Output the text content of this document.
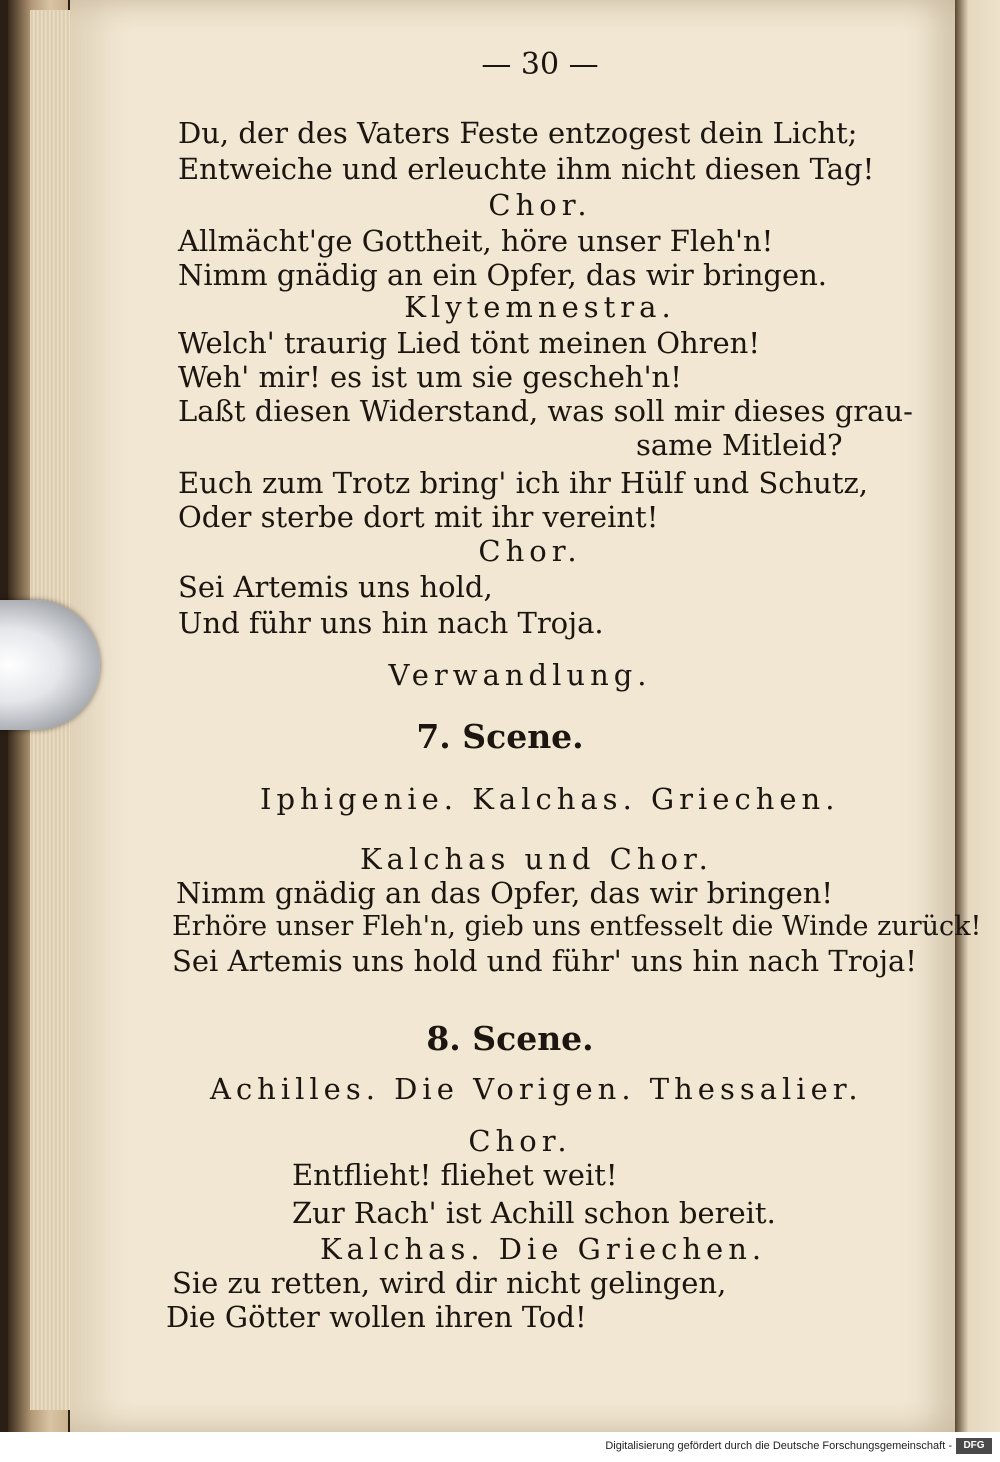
— 30 —
Du, der des Vaters Feste entzogest dein Licht;
Entweiche und erleuchte ihm nicht diesen Tag!
Chor.
Allmächt'ge Gottheit, höre unser Fleh'n!
Nimm gnädig an ein Opfer, das wir bringen.
Klytemnestra.
Welch' traurig Lied tönt meinen Ohren!
Weh' mir! es ist um sie gescheh'n!
Laßt diesen Widerstand, was soll mir dieses grau-
same Mitleid?
Euch zum Trotz bring' ich ihr Hülf und Schutz,
Oder sterbe dort mit ihr vereint!
Chor.
Sei Artemis uns hold,
Und führ uns hin nach Troja.
Verwandlung.
7. Scene.
Iphigenie. Kalchas. Griechen.
Kalchas und Chor.
Nimm gnädig an das Opfer, das wir bringen!
Erhöre unser Fleh'n, gieb uns entfesselt die Winde zurück!
Sei Artemis uns hold und führ' uns hin nach Troja!
8. Scene.
Achilles. Die Vorigen. Thessalier.
Chor.
Entflieht! fliehet weit!
Zur Rach' ist Achill schon bereit.
Kalchas. Die Griechen.
Sie zu retten, wird dir nicht gelingen,
Die Götter wollen ihren Tod!
Digitalisierung gefördert durch die Deutsche Forschungsgemeinschaft -	DFG
